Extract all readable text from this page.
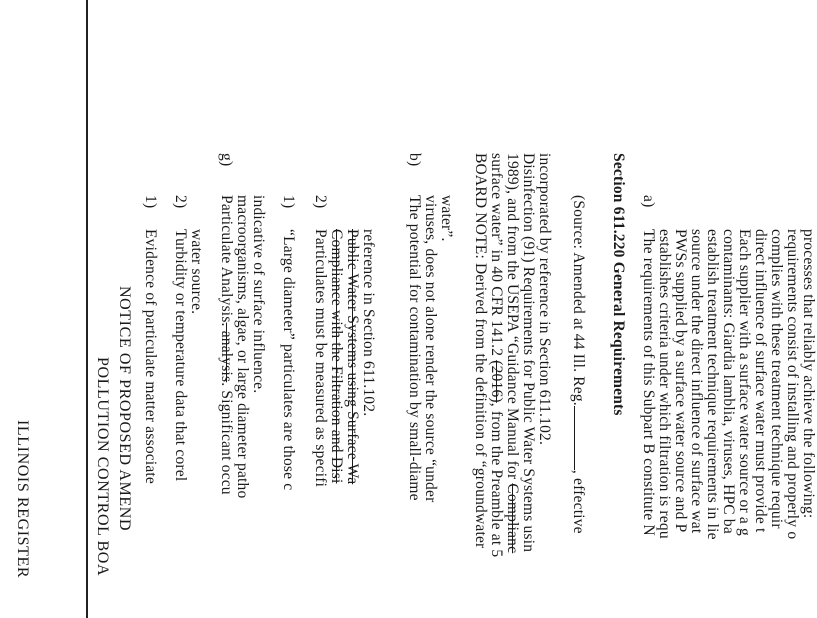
ILLINOIS REGISTER	POLLUTION CONTROL BOA NOTICE OF PROPOSED AMEND
1)
Evidence of particulate matter associate
2)
Turbidity or temperature data that corel water source.
g)
Particulate Analysis. analysis. Significant occu macroorganisms, algae, or large diameter patho indicative of surface influence. 1)
“Large diameter” particulates are those c
2)
Particulates must be measured as specifi Compliance with the Filtration and Disi Public Water Systems using Surface Wa reference in Section 611.102.
b)
The potential for contamination by small-diame viruses, does not alone render the source “under water”. BOARD NOTE: Derived from the definition of “groundwater surface water” in 40 CFR 141.2 (2016), from the Preamble at 5 1989), and from the USEPA “Guidance Manual for Complianc Disinfection (91) Requirements for Public Water Systems usin incorporated by reference in Section 611.102. (Source: Amended at 44 Ill. Reg., effective
Section 611.220 General Requirements a)
The requirements of this Subpart B constitute N establishes criteria under which filtration is requ PWSs supplied by a surface water source and P source under the direct influence of surface wat establish treatment technique requirements in lie contaminants: Giardia lamblia, viruses, HPC ba Each supplier with a surface water source or a g direct influence of surface water must provide t complies with these treatment technique requir requirements consist of installing and properly o processes that reliably achieve the following:
